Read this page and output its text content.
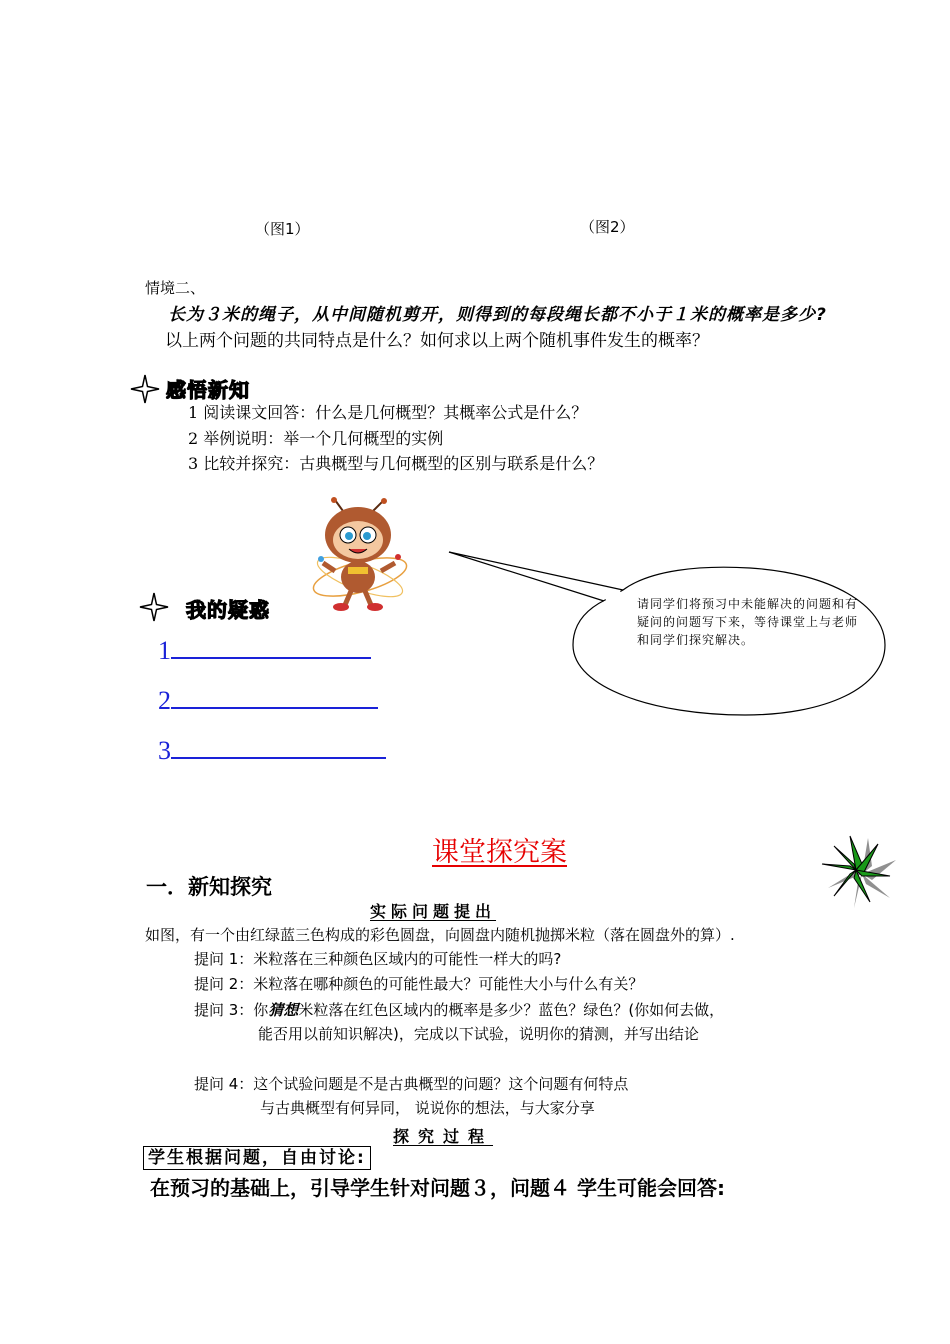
（图1）	（图2）
情境二、
长为３米的绳子，从中间随机剪开，则得到的每段绳长都不小于１米的概率是多少?
以上两个问题的共同特点是什么？如何求以上两个随机事件发生的概率？
感悟新知
1 阅读课文回答：什么是几何概型？其概率公式是什么？
2 举例说明：举一个几何概型的实例
3 比较并探究：古典概型与几何概型的区别与联系是什么？
请同学们将预习中未能解决的问题和有疑问的问题写下来，等待课堂上与老师和同学们探究解决。
我的疑惑
1
2
3
课堂探究案
一．新知探究
实际问题提出
如图，有一个由红绿蓝三色构成的彩色圆盘，向圆盘内随机抛掷米粒（落在圆盘外的算）.
提问 1：米粒落在三种颜色区域内的可能性一样大的吗?
提问 2：米粒落在哪种颜色的可能性最大？可能性大小与什么有关？
提问 3：你猜想米粒落在红色区域内的概率是多少？蓝色？绿色？(你如何去做，
能否用以前知识解决)，完成以下试验，说明你的猜测，并写出结论
提问 4：这个试验问题是不是古典概型的问题？这个问题有何特点
与古典概型有何异同， 说说你的想法，与大家分享
探究过程
学生根据问题，自由讨论:
在预习的基础上，引导学生针对问题３，问题４ 学生可能会回答:
